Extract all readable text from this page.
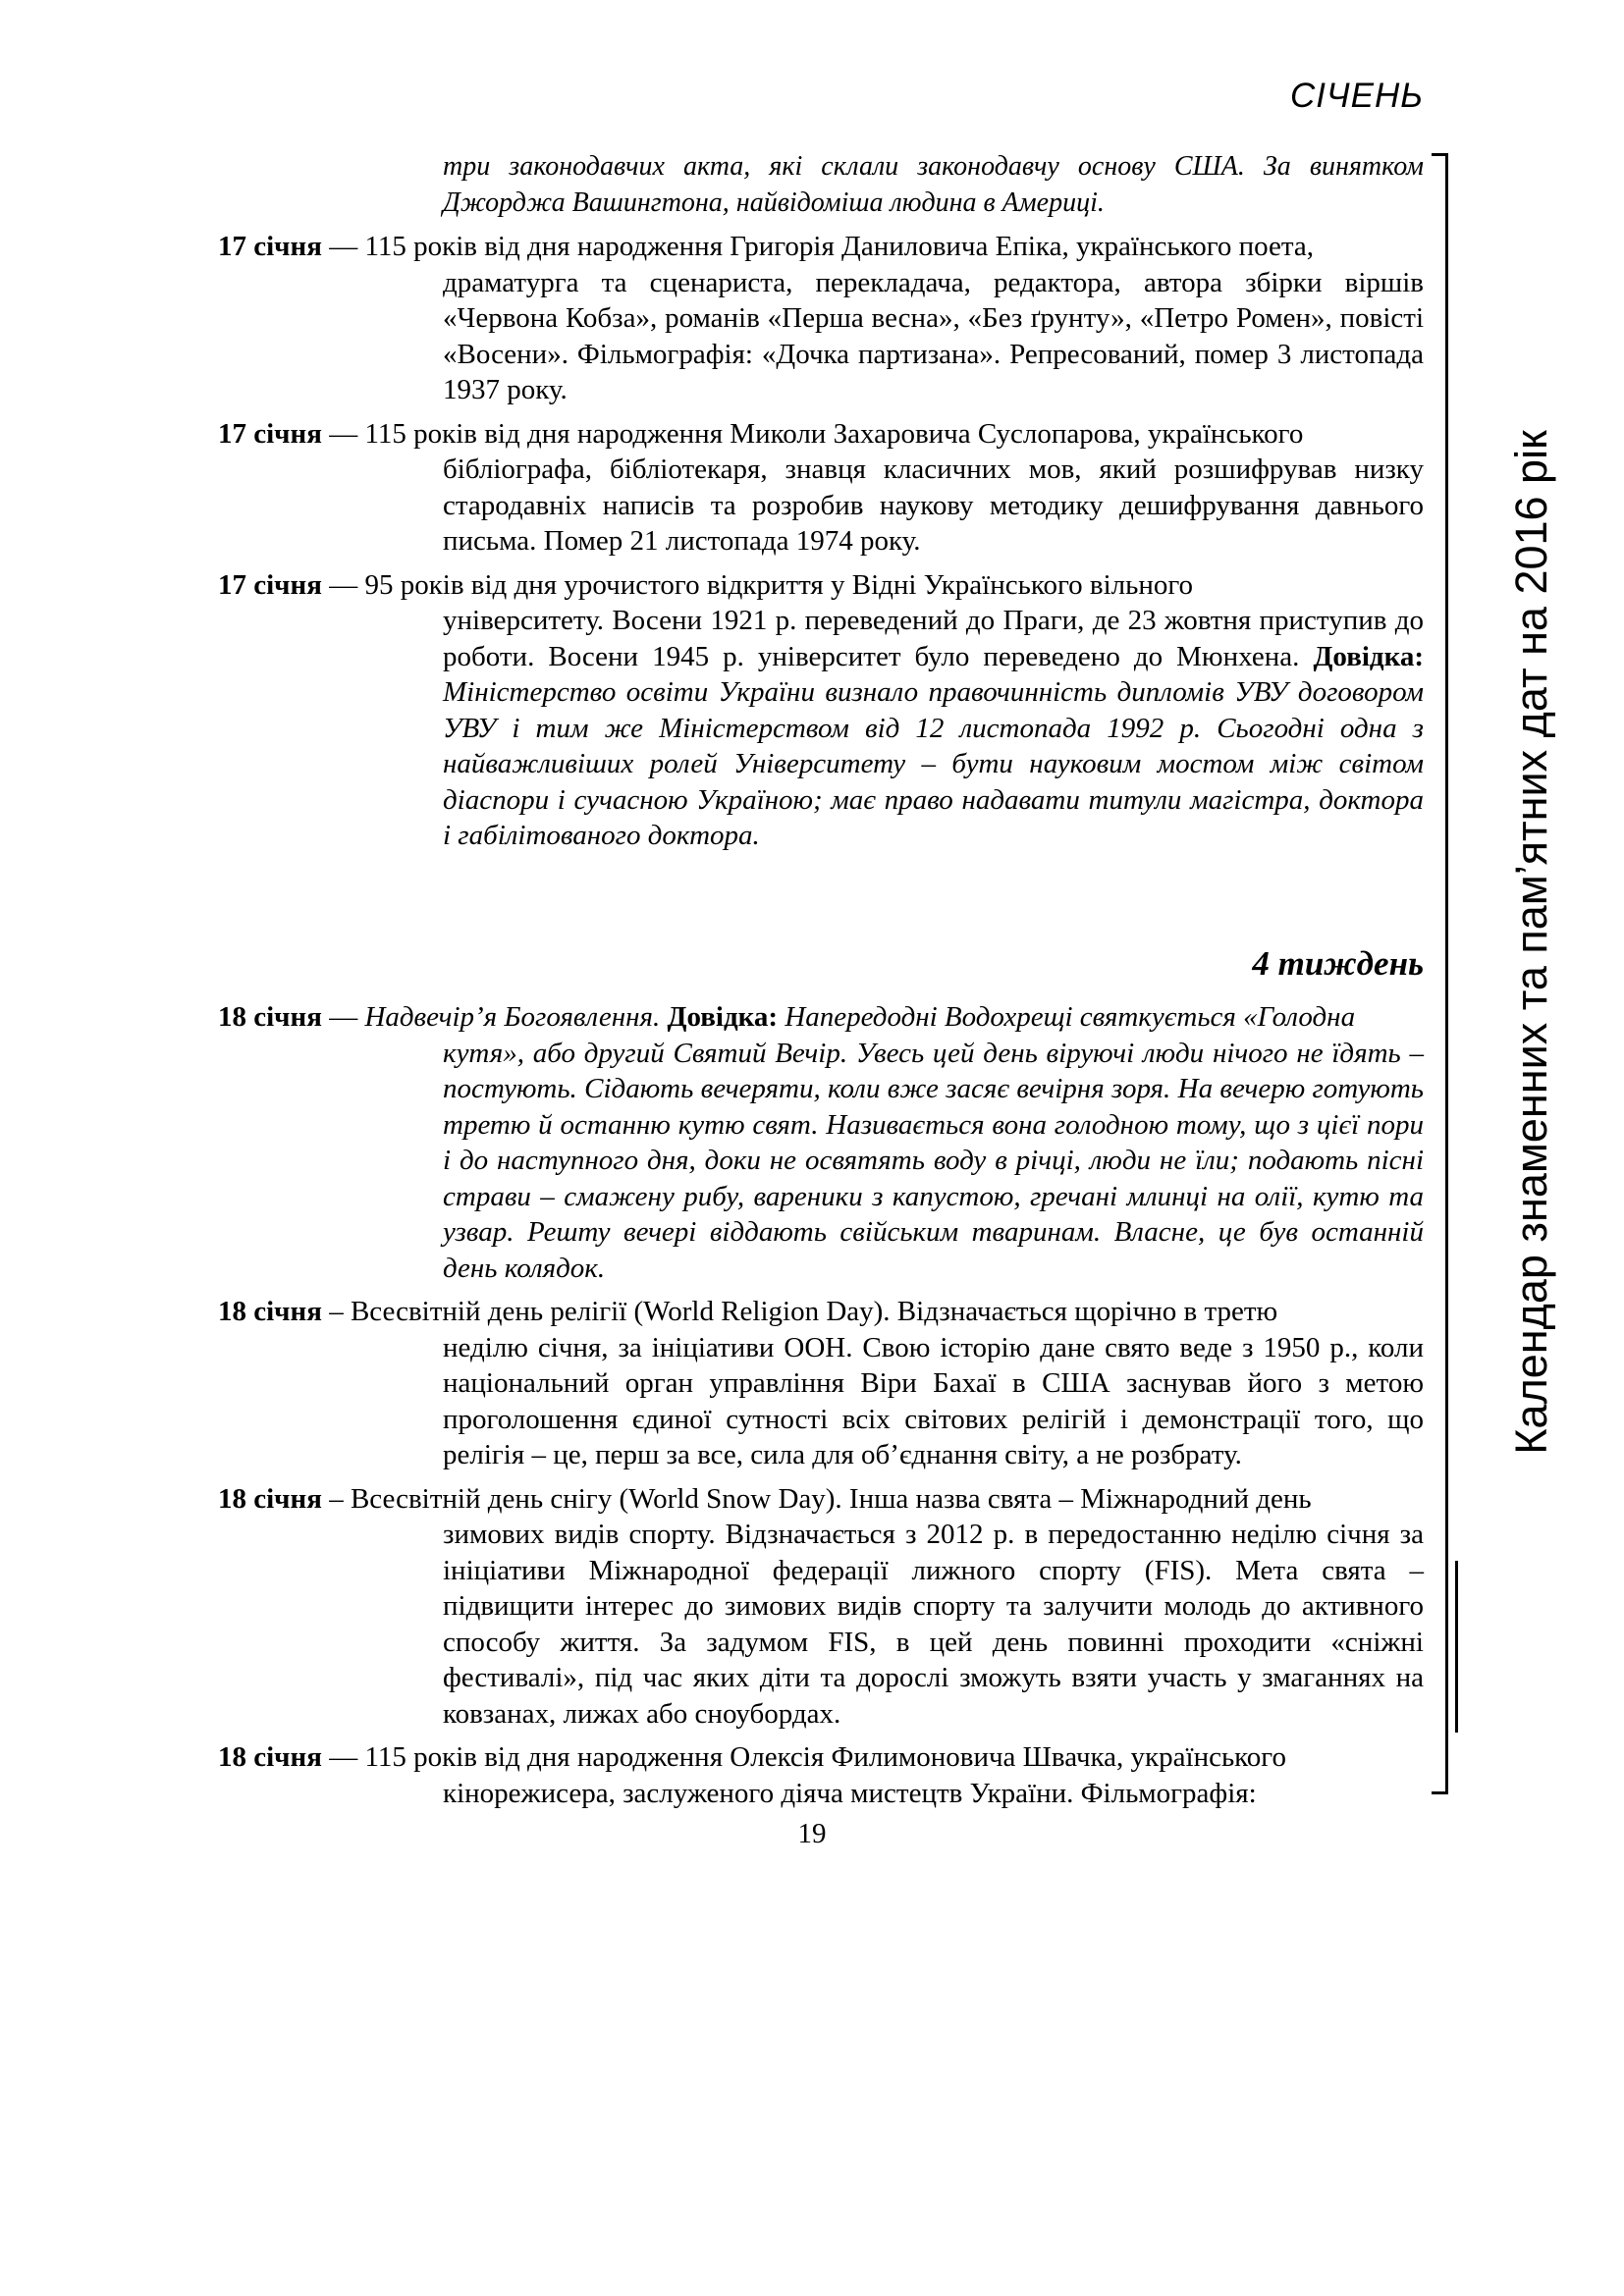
СІЧЕНЬ
Календар знаменних та пам’ятних дат на 2016 рік
три законодавчих акта, які склали законодавчу основу США. За винятком Джорджа Вашингтона, найвідоміша людина в Америці.
17 січня — 115 років від дня народження Григорія Даниловича Епіка, українського поета,
драматурга та сценариста, перекладача, редактора, автора збірки віршів «Червона Кобза», романів «Перша весна», «Без ґрунту», «Петро Ромен», повісті «Восени». Фільмографія: «Дочка партизана». Репресований, помер 3 листопада 1937 року.
17 січня — 115 років від дня народження Миколи Захаровича Суслопарова, українського
бібліографа, бібліотекаря, знавця класичних мов, який розшифрував низку стародавніх написів та розробив наукову методику дешифрування давнього письма. Помер 21 листопада 1974 року.
17 січня — 95 років від дня урочистого відкриття у Відні Українського вільного
університету. Восени 1921 р. переведений до Праги, де 23 жовтня приступив до роботи. Восени 1945 р. університет було переведено до Мюнхена. Довідка: Міністерство освіти України визнало правочинність дипломів УВУ договором УВУ і тим же Міністерством від 12 листопада 1992 р. Сьогодні одна з найважливіших ролей Університету – бути науковим мостом між світом діаспори і сучасною Україною; має право надавати титули магістра, доктора і габілітованого доктора.
4 тиждень
18 січня — Надвечір’я Богоявлення. Довідка: Напередодні Водохрещі святкується «Голодна
кутя», або другий Святий Вечір. Увесь цей день віруючі люди нічого не їдять – постують. Сідають вечеряти, коли вже засяє вечірня зоря. На вечерю готують третю й останню кутю свят. Називається вона голодною тому, що з цієї пори і до наступного дня, доки не освятять воду в річці, люди не їли; подають пісні страви – смажену рибу, вареники з капустою, гречані млинці на олії, кутю та узвар. Решту вечері віддають свійським тваринам. Власне, це був останній день колядок.
18 січня – Всесвітній день релігії (World Religion Day). Відзначається щорічно в третю
неділю січня, за ініціативи ООН. Свою історію дане свято веде з 1950 р., коли національний орган управління Віри Бахаї в США заснував його з метою проголошення єдиної сутності всіх світових релігій і демонстрації того, що релігія – це, перш за все, сила для об’єднання світу, а не розбрату.
18 січня – Всесвітній день снігу (World Snow Day). Інша назва свята – Міжнародний день
зимових видів спорту. Відзначається з 2012 р. в передостанню неділю січня за ініціативи Міжнародної федерації лижного спорту (FIS). Мета свята – підвищити інтерес до зимових видів спорту та залучити молодь до активного способу життя. За задумом FIS, в цей день повинні проходити «сніжні фестивалі», під час яких діти та дорослі зможуть взяти участь у змаганнях на ковзанах, лижах або сноубордах.
18 січня — 115 років від дня народження Олексія Филимоновича Швачка, українського
кінорежисера, заслуженого діяча мистецтв України. Фільмографія:
19
